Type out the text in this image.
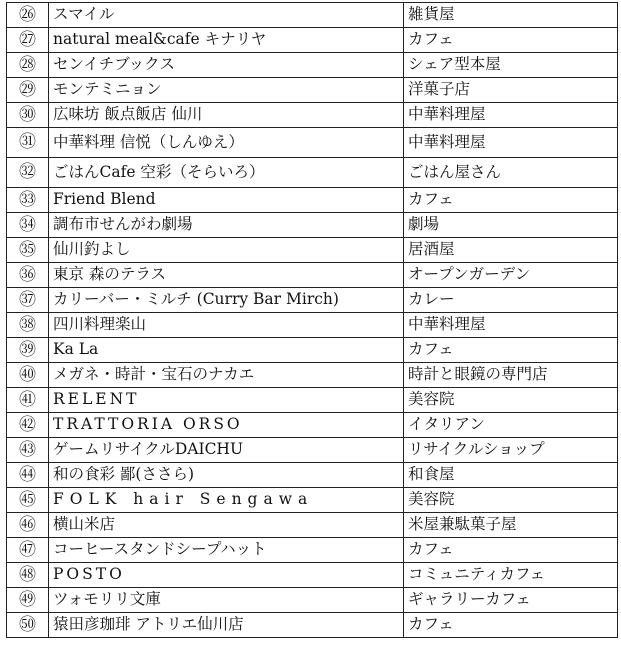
㉖	スマイル	雑貨屋
㉗	natural meal&cafe キナリヤ	カフェ
㉘	センイチブックス	シェア型本屋
㉙	モンテミニョン	洋菓子店
㉚	広味坊 飯点飯店 仙川	中華料理屋
㉛	中華料理 信悦（しんゆえ）	中華料理屋
㉜	ごはんCafe 空彩（そらいろ）	ごはん屋さん
㉝	Friend Blend	カフェ
㉞	調布市せんがわ劇場	劇場
㉟	仙川釣よし	居酒屋
㊱	東京 森のテラス	オープンガーデン
㊲	カリーバー・ミルチ (Curry Bar Mirch)	カレー
㊳	四川料理楽山	中華料理屋
㊴	Ka La	カフェ
㊵	メガネ・時計・宝石のナカエ	時計と眼鏡の専門店
㊶	RELENT	美容院
㊷	TRATTORIA ORSO	イタリアン
㊸	ゲームリサイクルDAICHU	リサイクルショップ
㊹	和の食彩 鄙(ささら)	和食屋
㊺	FOLK hair Sengawa	美容院
㊻	横山米店	米屋兼駄菓子屋
㊼	コーヒースタンドシープハット	カフェ
㊽	POSTO	コミュニティカフェ
㊾	ツォモリリ文庫	ギャラリーカフェ
㊿	猿田彦珈琲 アトリエ仙川店	カフェ
